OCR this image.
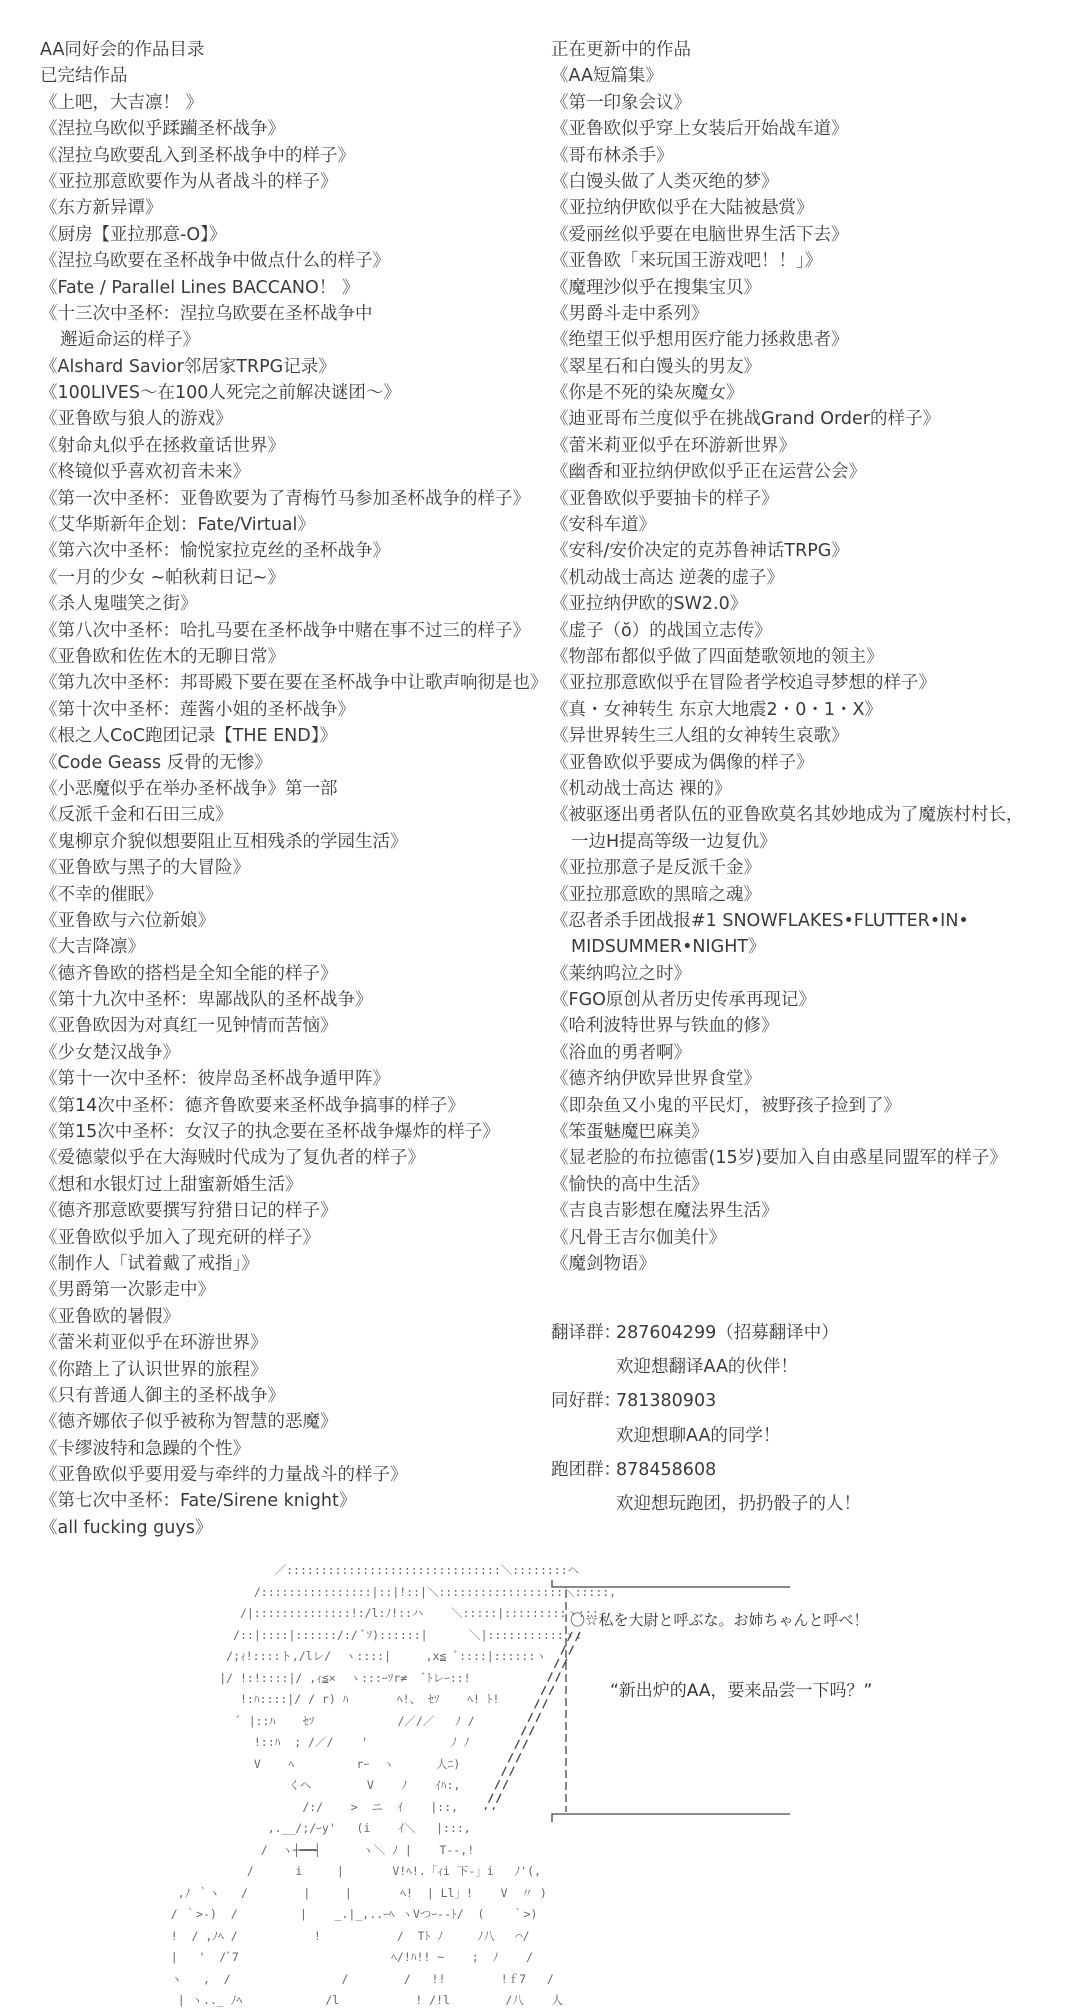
AA同好会的作品目录
已完结作品
《上吧，大吉凛！ 》
《涅拉乌欧似乎蹂躏圣杯战争》
《涅拉乌欧要乱入到圣杯战争中的样子》
《亚拉那意欧要作为从者战斗的样子》
《东方新异谭》
《厨房【亚拉那意-O】》
《涅拉乌欧要在圣杯战争中做点什么的样子》
《Fate / Parallel Lines BACCANO！ 》
《十三次中圣杯：涅拉乌欧要在圣杯战争中
邂逅命运的样子》
《Alshard Savior邻居家TRPG记录》
《100LIVES～在100人死完之前解决谜团～》
《亚鲁欧与狼人的游戏》
《射命丸似乎在拯救童话世界》
《柊镜似乎喜欢初音未来》
《第一次中圣杯：亚鲁欧要为了青梅竹马参加圣杯战争的样子》
《艾华斯新年企划：Fate/Virtual》
《第六次中圣杯：愉悦家拉克丝的圣杯战争》
《一月的少女 ~帕秋莉日记~》
《杀人鬼嗤笑之街》
《第八次中圣杯：哈扎马要在圣杯战争中赌在事不过三的样子》
《亚鲁欧和佐佐木的无聊日常》
《第九次中圣杯：邦哥殿下要在要在圣杯战争中让歌声响彻是也》
《第十次中圣杯：莲酱小姐的圣杯战争》
《根之人CoC跑团记录【THE END】》
《Code Geass 反骨的无惨》
《小恶魔似乎在举办圣杯战争》第一部
《反派千金和石田三成》
《鬼柳京介貌似想要阻止互相残杀的学园生活》
《亚鲁欧与黑子的大冒险》
《不幸的催眠》
《亚鲁欧与六位新娘》
《大吉降凛》
《德齐鲁欧的搭档是全知全能的样子》
《第十九次中圣杯：卑鄙战队的圣杯战争》
《亚鲁欧因为对真红一见钟情而苦恼》
《少女楚汉战争》
《第十一次中圣杯：彼岸岛圣杯战争遁甲阵》
《第14次中圣杯：德齐鲁欧要来圣杯战争搞事的样子》
《第15次中圣杯：女汉子的执念要在圣杯战争爆炸的样子》
《爱德蒙似乎在大海贼时代成为了复仇者的样子》
《想和水银灯过上甜蜜新婚生活》
《德齐那意欧要撰写狩猎日记的样子》
《亚鲁欧似乎加入了现充研的样子》
《制作人「试着戴了戒指」》
《男爵第一次影走中》
《亚鲁欧的暑假》
《蕾米莉亚似乎在环游世界》
《你踏上了认识世界的旅程》
《只有普通人御主的圣杯战争》
《德齐娜依子似乎被称为智慧的恶魔》
《卡缪波特和急躁的个性》
《亚鲁欧似乎要用爱与牵绊的力量战斗的样子》
《第七次中圣杯：Fate/Sirene knight》
《all fucking guys》
正在更新中的作品
《AA短篇集》
《第一印象会议》
《亚鲁欧似乎穿上女装后开始战车道》
《哥布林杀手》
《白馒头做了人类灭绝的梦》
《亚拉纳伊欧似乎在大陆被悬赏》
《爱丽丝似乎要在电脑世界生活下去》
《亚鲁欧「来玩国王游戏吧！！」》
《魔理沙似乎在搜集宝贝》
《男爵斗走中系列》
《绝望王似乎想用医疗能力拯救患者》
《翠星石和白馒头的男友》
《你是不死的染灰魔女》
《迪亚哥布兰度似乎在挑战Grand Order的样子》
《蕾米莉亚似乎在环游新世界》
《幽香和亚拉纳伊欧似乎正在运营公会》
《亚鲁欧似乎要抽卡的样子》
《安科车道》
《安科/安价决定的克苏鲁神话TRPG》
《机动战士高达 逆袭的虚子》
《亚拉纳伊欧的SW2.0》
《虚子（ŏ）的战国立志传》
《物部布都似乎做了四面楚歌领地的领主》
《亚拉那意欧似乎在冒险者学校追寻梦想的样子》
《真・女神转生 东京大地震2・0・1・X》
《异世界转生三人组的女神转生哀歌》
《亚鲁欧似乎要成为偶像的样子》
《机动战士高达 裸的》
《被驱逐出勇者队伍的亚鲁欧莫名其妙地成为了魔族村村长，
一边H提高等级一边复仇》
《亚拉那意子是反派千金》
《亚拉那意欧的黑暗之魂》
《忍者杀手团战报#1 SNOWFLAKES•FLUTTER•IN•
MIDSUMMER•NIGHT》
《莱纳呜泣之时》
《FGO原创从者历史传承再现记》
《哈利波特世界与铁血的修》
《浴血的勇者啊》
《德齐纳伊欧异世界食堂》
《即杂鱼又小鬼的平民灯，被野孩子捡到了》
《笨蛋魅魔巴麻美》
《显老脸的布拉德雷(15岁)要加入自由惑星同盟军的样子》
《愉快的高中生活》
《吉良吉影想在魔法界生活》
《凡骨王吉尔伽美什》
《魔剑物语》
翻译群：
287604299（招募翻译中）
欢迎想翻译AA的伙伴！
同好群：
781380903
欢迎想聊AA的同学！
跑团群：
878458608
欢迎想玩跑团，扔扔骰子的人！
／:::::::::::::::::::::::::::::::＼::::::::ヘ
/::::::::::::::::|::|!::|＼::::::::::::::::::＼:::::,
/|::::::::::::::!:/l:ﾉ!::ハ    ＼:::::|:::::::::ヽ:::,
/::|::::|::::::/:/ ﾞｿ)::::::|      ＼|:::::::::::ヽ:
/;ｨ!::::ト,/lレ/  ヽ::::|     ,x≦ ﾞ::::|::::::ヽ
|/ !:!::::|/ ,ｨ≦×  ヽ:::ｰｿr≠  ﾞﾄレｰ::!
!:ﾊ::::|/ / r) ﾊ       ﾍ!、 ｾｿ    ﾍ! ﾄ!
ﾞ |::ﾊ    ｾｿ            /／/／   ﾉ /
!::ﾊ  ; /／/    '            ﾉ ﾉ
V    ﾍ         rｰ  ヽ      人ﾆ)
くへ        V    ﾉ    ｲﾊ:,
/:/    >  ニ  ｲ    |::,
,.__/;/ｰy'   (i    ｲ＼   |:::,
/  ヽ┼━━┥      ヽ＼ ﾉ |    T‐-,!
/      i     |       V!ﾍ!.「ｨi 下‐」i   ﾉ'(,
,ﾉ ｀ヽ   /        |     |       ﾍ!  | Ll」!    V  〃 )
/ ｀>‐)  /         |    _.|_,..ｰﾍ ヽVつｰ--ﾄ/  (    ｀>)
!  / ,ﾉﾍ /           !           /  Tﾄ ﾉ     ﾉ八   ⌒/
|   '  /ﾞ7                      ﾍ/!ﾊ!! ~    ;  ﾉ    /
ヽ   ,  /                /        /   !!        !ｆ7   /
| ヽ.._ ﾉﾍ            /l           ! /!l        /八    人

〇☆私を大尉と呼ぶな。お姉ちゃんと呼べ！
“新出炉的AA，要来品尝一下吗？”
